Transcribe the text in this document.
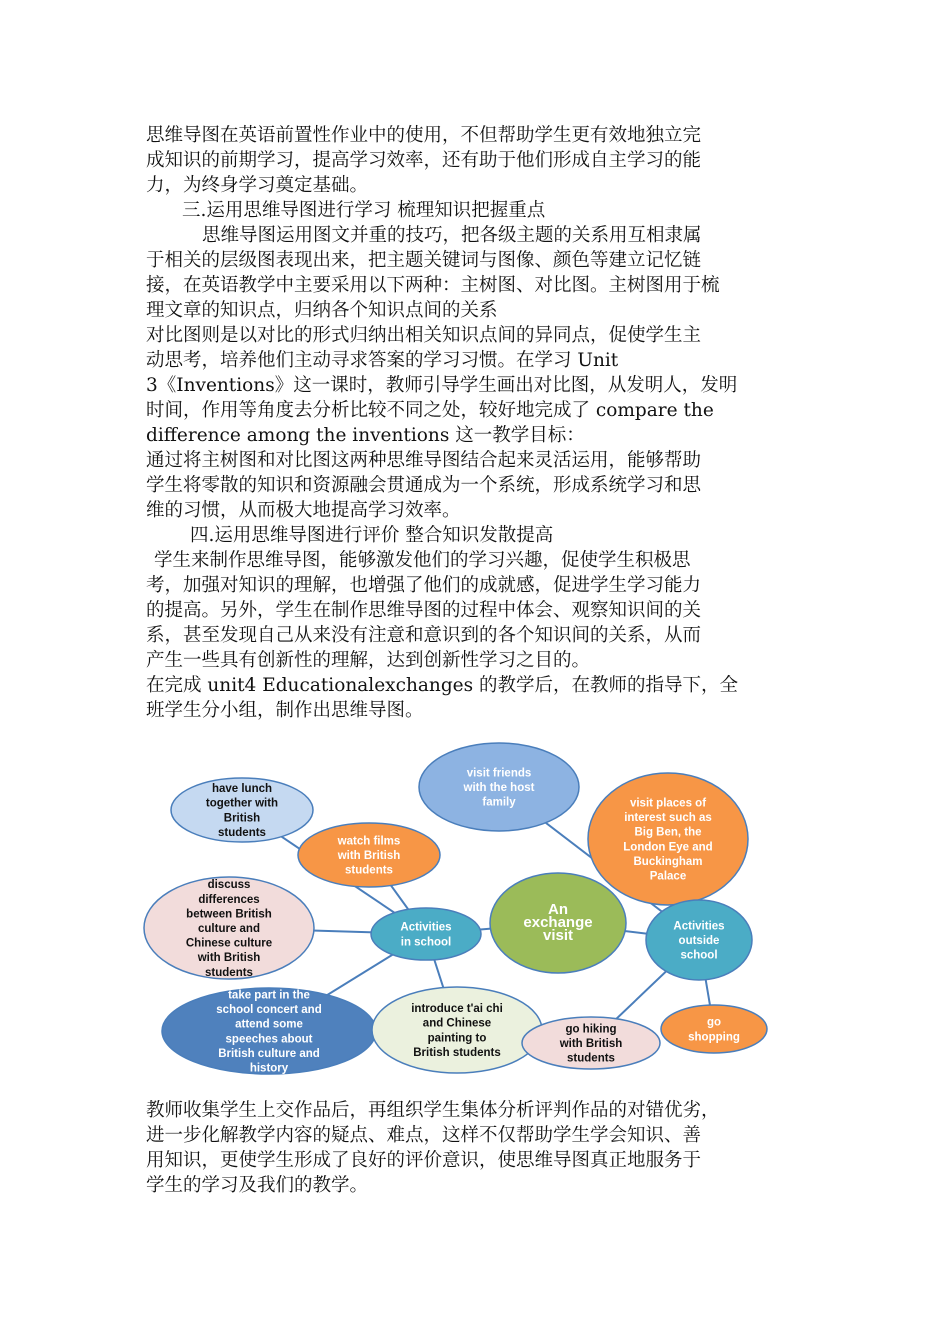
思维导图在英语前置性作业中的使用，不但帮助学生更有效地独立完
成知识的前期学习，提高学习效率，还有助于他们形成自主学习的能
力，为终身学习奠定基础。
三.运用思维导图进行学习 梳理知识把握重点
思维导图运用图文并重的技巧，把各级主题的关系用互相隶属
于相关的层级图表现出来，把主题关键词与图像、颜色等建立记忆链
接，在英语教学中主要采用以下两种：主树图、对比图。主树图用于梳
理文章的知识点，归纳各个知识点间的关系
对比图则是以对比的形式归纳出相关知识点间的异同点，促使学生主
动思考，培养他们主动寻求答案的学习习惯。在学习 Unit
3《Inventions》这一课时，教师引导学生画出对比图，从发明人，发明
时间，作用等角度去分析比较不同之处，较好地完成了 compare the
difference among the inventions 这一教学目标：
通过将主树图和对比图这两种思维导图结合起来灵活运用，能够帮助
学生将零散的知识和资源融会贯通成为一个系统，形成系统学习和思
维的习惯，从而极大地提高学习效率。
四.运用思维导图进行评价 整合知识发散提高
学生来制作思维导图，能够激发他们的学习兴趣，促使学生积极思
考，加强对知识的理解，也增强了他们的成就感，促进学生学习能力
的提高。另外，学生在制作思维导图的过程中体会、观察知识间的关
系，甚至发现自己从来没有注意和意识到的各个知识间的关系，从而
产生一些具有创新性的理解，达到创新性学习之目的。
在完成 unit4 Educationalexchanges 的教学后，在教师的指导下，全
班学生分小组，制作出思维导图。
have lunch
together with
British
students
watch films
with British
students
discuss
differences
between British
culture and
Chinese culture
with British
students
take part in the
school concert and
attend some
speeches about
British culture and
history
introduce t'ai chi
and Chinese
painting to
British students
visit friends
with the host
family	visit places of
interest such as
Big Ben, the
London Eye and
Buckingham
Palace
go hiking
with British
students
go
shopping
Activities
in school
Activities
outside
school
An
exchange
visit
教师收集学生上交作品后，再组织学生集体分析评判作品的对错优劣，
进一步化解教学内容的疑点、难点，这样不仅帮助学生学会知识、善
用知识，更使学生形成了良好的评价意识，使思维导图真正地服务于
学生的学习及我们的教学。
